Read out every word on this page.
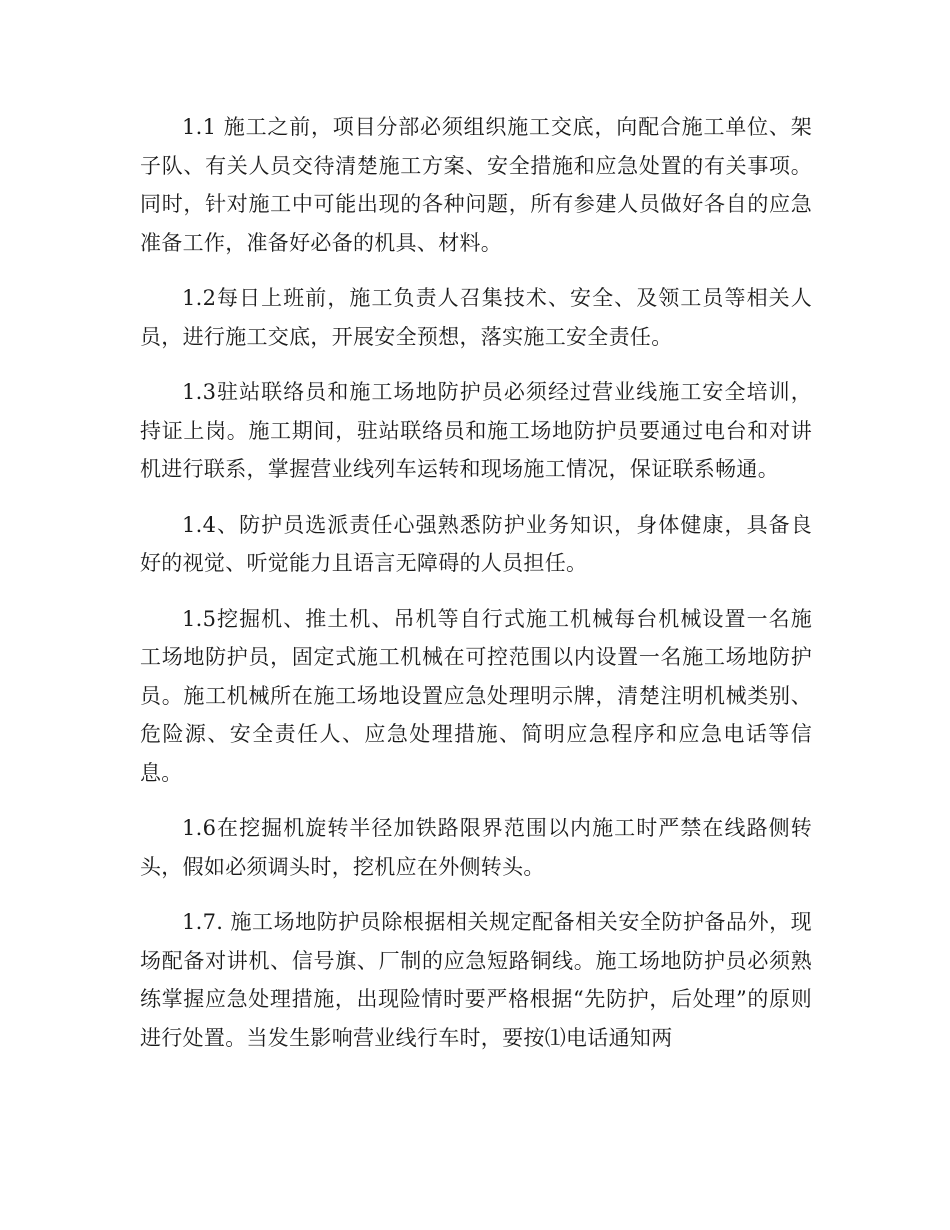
1.1 施工之前，项目分部必须组织施工交底，向配合施工单位、架子队、有关人员交待清楚施工方案、安全措施和应急处置的有关事项。同时，针对施工中可能出现的各种问题，所有参建人员做好各自的应急准备工作，准备好必备的机具、材料。

1.2每日上班前，施工负责人召集技术、安全、及领工员等相关人员，进行施工交底，开展安全预想，落实施工安全责任。

1.3驻站联络员和施工场地防护员必须经过营业线施工安全培训，持证上岗。施工期间，驻站联络员和施工场地防护员要通过电台和对讲机进行联系，掌握营业线列车运转和现场施工情况，保证联系畅通。

1.4、防护员选派责任心强熟悉防护业务知识，身体健康，具备良好的视觉、听觉能力且语言无障碍的人员担任。

1.5挖掘机、推土机、吊机等自行式施工机械每台机械设置一名施工场地防护员，固定式施工机械在可控范围以内设置一名施工场地防护员。施工机械所在施工场地设置应急处理明示牌，清楚注明机械类别、危险源、安全责任人、应急处理措施、简明应急程序和应急电话等信息。

1.6在挖掘机旋转半径加铁路限界范围以内施工时严禁在线路侧转头，假如必须调头时，挖机应在外侧转头。

1.7. 施工场地防护员除根据相关规定配备相关安全防护备品外，现场配备对讲机、信号旗、厂制的应急短路铜线。施工场地防护员必须熟练掌握应急处理措施，出现险情时要严格根据“先防护，后处理”的原则进行处置。当发生影响营业线行车时，要按⑴电话通知两
